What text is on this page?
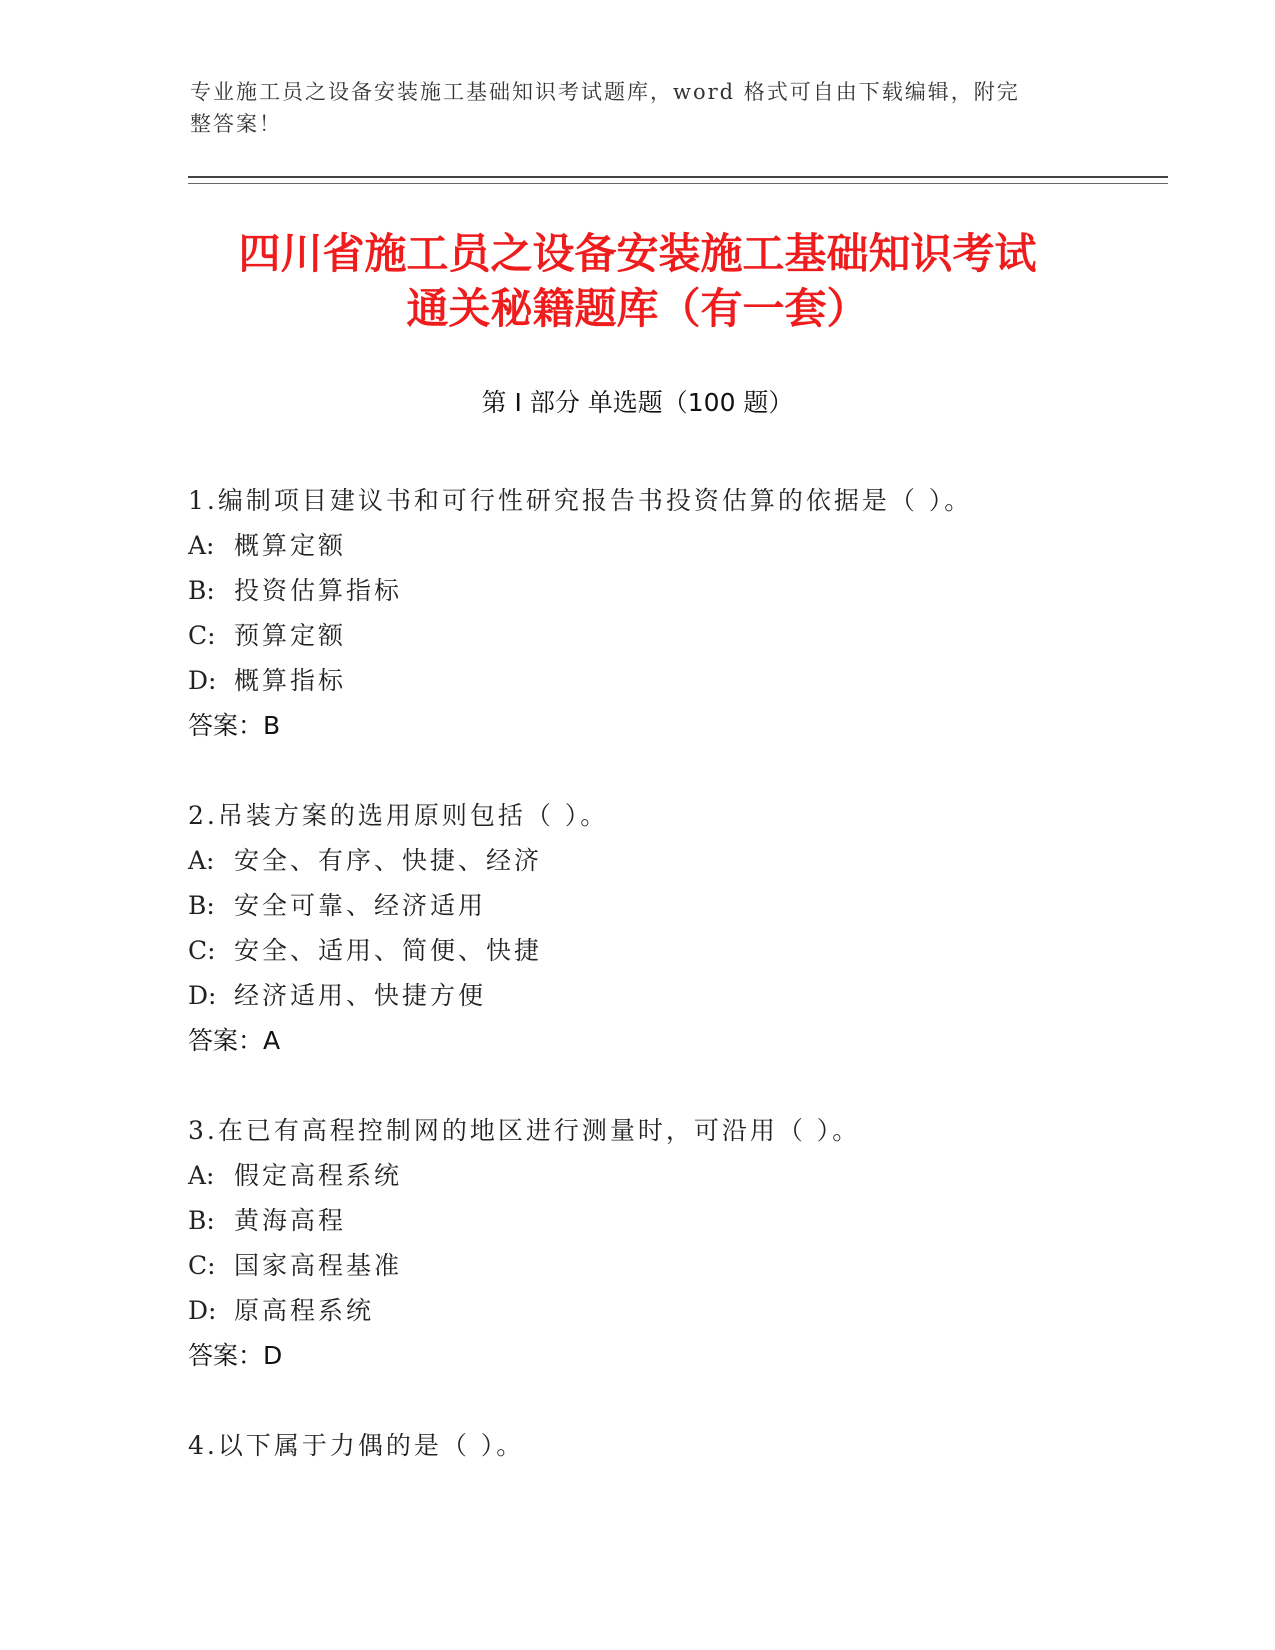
专业施工员之设备安装施工基础知识考试题库，word 格式可自由下载编辑，附完
整答案！
四川省施工员之设备安装施工基础知识考试
通关秘籍题库（有一套）
第 I 部分 单选题（100 题）
1.编制项目建议书和可行性研究报告书投资估算的依据是（ ）。
A: 概算定额
B: 投资估算指标
C: 预算定额
D: 概算指标
答案：B
2.吊装方案的选用原则包括（ ）。
A: 安全、有序、快捷、经济
B: 安全可靠、经济适用
C: 安全、适用、简便、快捷
D: 经济适用、快捷方便
答案：A
3.在已有高程控制网的地区进行测量时，可沿用（ ）。
A: 假定高程系统
B: 黄海高程
C: 国家高程基准
D: 原高程系统
答案：D
4.以下属于力偶的是（ ）。
